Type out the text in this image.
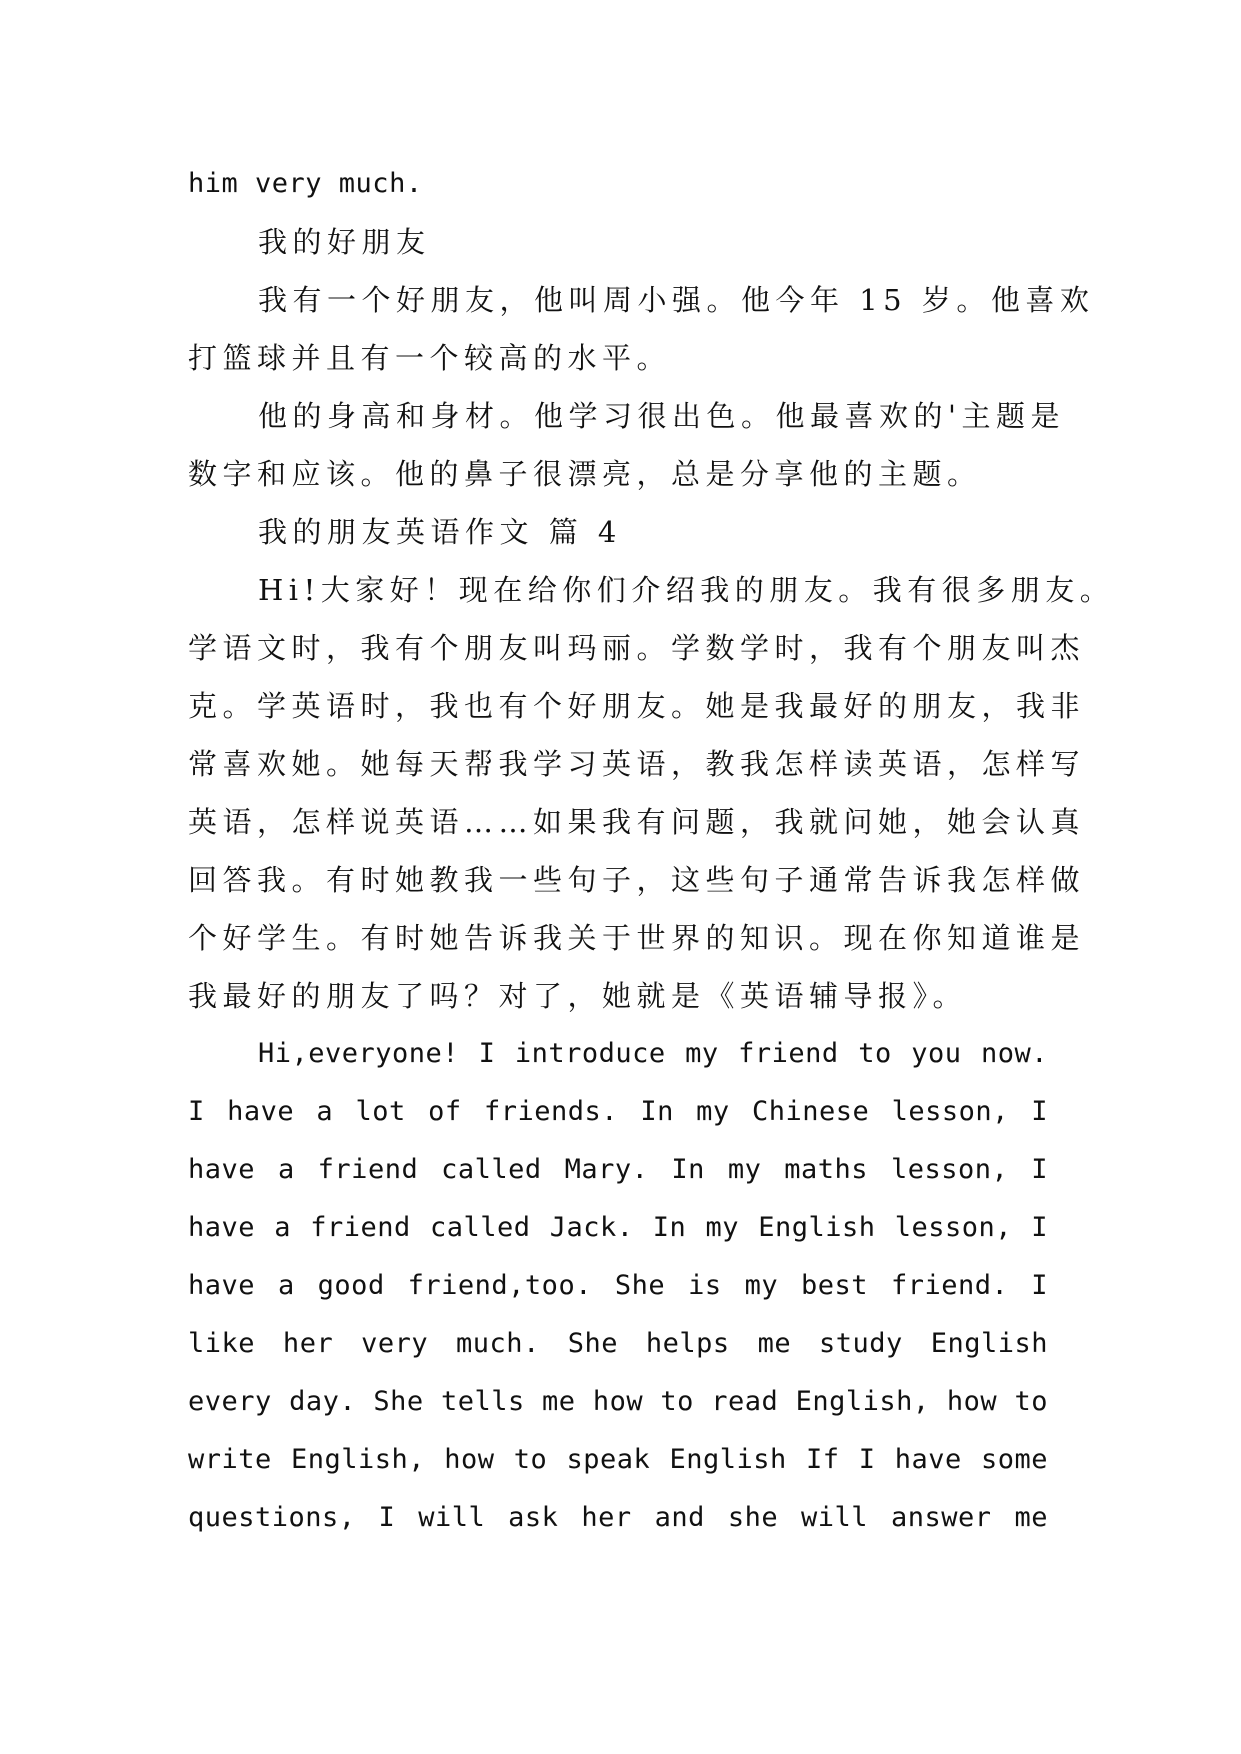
him very much.
我的好朋友
我有一个好朋友，他叫周小强。他今年 15 岁。他喜欢
打篮球并且有一个较高的水平。
他的身高和身材。他学习很出色。他最喜欢的'主题是
数字和应该。他的鼻子很漂亮，总是分享他的主题。
我的朋友英语作文 篇 4
Hi!大家好！现在给你们介绍我的朋友。我有很多朋友。
学语文时，我有个朋友叫玛丽。学数学时，我有个朋友叫杰
克。学英语时，我也有个好朋友。她是我最好的朋友，我非
常喜欢她。她每天帮我学习英语，教我怎样读英语，怎样写
英语，怎样说英语……如果我有问题，我就问她，她会认真
回答我。有时她教我一些句子，这些句子通常告诉我怎样做
个好学生。有时她告诉我关于世界的知识。现在你知道谁是
我最好的朋友了吗？对了，她就是《英语辅导报》。
Hi,everyone! I introduce my friend to you now.
I have a lot of friends. In my Chinese lesson, I
have a friend called Mary. In my maths lesson, I
have a friend called Jack. In my English lesson, I
have a good friend,too. She is my best friend. I
like her very much. She helps me study English
every day. She tells me how to read English, how to
write English, how to speak English If I have some
questions, I will ask her and she will answer me
